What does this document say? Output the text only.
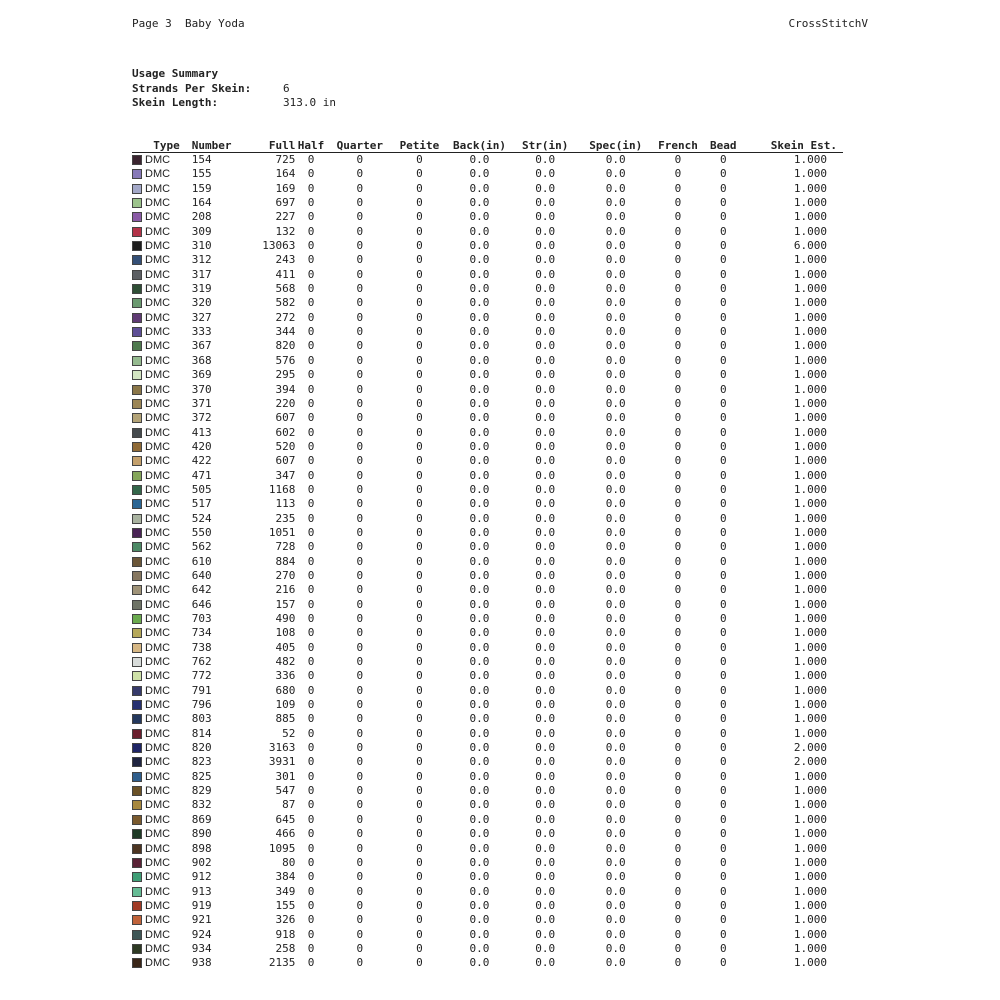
Page 3  Baby Yoda	CrossStitchV
Usage Summary
Strands Per Skein:	6
Skein Length:	313.0 in
Type	Number	Full	Half	Quarter	Petite	Back(in)	Str(in)	Spec(in)	French	Bead	Skein Est.
DMC	154	725	0	0	0	0.0	0.0	0.0	0	0	1.000
DMC	155	164	0	0	0	0.0	0.0	0.0	0	0	1.000
DMC	159	169	0	0	0	0.0	0.0	0.0	0	0	1.000
DMC	164	697	0	0	0	0.0	0.0	0.0	0	0	1.000
DMC	208	227	0	0	0	0.0	0.0	0.0	0	0	1.000
DMC	309	132	0	0	0	0.0	0.0	0.0	0	0	1.000
DMC	310	13063	0	0	0	0.0	0.0	0.0	0	0	6.000
DMC	312	243	0	0	0	0.0	0.0	0.0	0	0	1.000
DMC	317	411	0	0	0	0.0	0.0	0.0	0	0	1.000
DMC	319	568	0	0	0	0.0	0.0	0.0	0	0	1.000
DMC	320	582	0	0	0	0.0	0.0	0.0	0	0	1.000
DMC	327	272	0	0	0	0.0	0.0	0.0	0	0	1.000
DMC	333	344	0	0	0	0.0	0.0	0.0	0	0	1.000
DMC	367	820	0	0	0	0.0	0.0	0.0	0	0	1.000
DMC	368	576	0	0	0	0.0	0.0	0.0	0	0	1.000
DMC	369	295	0	0	0	0.0	0.0	0.0	0	0	1.000
DMC	370	394	0	0	0	0.0	0.0	0.0	0	0	1.000
DMC	371	220	0	0	0	0.0	0.0	0.0	0	0	1.000
DMC	372	607	0	0	0	0.0	0.0	0.0	0	0	1.000
DMC	413	602	0	0	0	0.0	0.0	0.0	0	0	1.000
DMC	420	520	0	0	0	0.0	0.0	0.0	0	0	1.000
DMC	422	607	0	0	0	0.0	0.0	0.0	0	0	1.000
DMC	471	347	0	0	0	0.0	0.0	0.0	0	0	1.000
DMC	505	1168	0	0	0	0.0	0.0	0.0	0	0	1.000
DMC	517	113	0	0	0	0.0	0.0	0.0	0	0	1.000
DMC	524	235	0	0	0	0.0	0.0	0.0	0	0	1.000
DMC	550	1051	0	0	0	0.0	0.0	0.0	0	0	1.000
DMC	562	728	0	0	0	0.0	0.0	0.0	0	0	1.000
DMC	610	884	0	0	0	0.0	0.0	0.0	0	0	1.000
DMC	640	270	0	0	0	0.0	0.0	0.0	0	0	1.000
DMC	642	216	0	0	0	0.0	0.0	0.0	0	0	1.000
DMC	646	157	0	0	0	0.0	0.0	0.0	0	0	1.000
DMC	703	490	0	0	0	0.0	0.0	0.0	0	0	1.000
DMC	734	108	0	0	0	0.0	0.0	0.0	0	0	1.000
DMC	738	405	0	0	0	0.0	0.0	0.0	0	0	1.000
DMC	762	482	0	0	0	0.0	0.0	0.0	0	0	1.000
DMC	772	336	0	0	0	0.0	0.0	0.0	0	0	1.000
DMC	791	680	0	0	0	0.0	0.0	0.0	0	0	1.000
DMC	796	109	0	0	0	0.0	0.0	0.0	0	0	1.000
DMC	803	885	0	0	0	0.0	0.0	0.0	0	0	1.000
DMC	814	52	0	0	0	0.0	0.0	0.0	0	0	1.000
DMC	820	3163	0	0	0	0.0	0.0	0.0	0	0	2.000
DMC	823	3931	0	0	0	0.0	0.0	0.0	0	0	2.000
DMC	825	301	0	0	0	0.0	0.0	0.0	0	0	1.000
DMC	829	547	0	0	0	0.0	0.0	0.0	0	0	1.000
DMC	832	87	0	0	0	0.0	0.0	0.0	0	0	1.000
DMC	869	645	0	0	0	0.0	0.0	0.0	0	0	1.000
DMC	890	466	0	0	0	0.0	0.0	0.0	0	0	1.000
DMC	898	1095	0	0	0	0.0	0.0	0.0	0	0	1.000
DMC	902	80	0	0	0	0.0	0.0	0.0	0	0	1.000
DMC	912	384	0	0	0	0.0	0.0	0.0	0	0	1.000
DMC	913	349	0	0	0	0.0	0.0	0.0	0	0	1.000
DMC	919	155	0	0	0	0.0	0.0	0.0	0	0	1.000
DMC	921	326	0	0	0	0.0	0.0	0.0	0	0	1.000
DMC	924	918	0	0	0	0.0	0.0	0.0	0	0	1.000
DMC	934	258	0	0	0	0.0	0.0	0.0	0	0	1.000
DMC	938	2135	0	0	0	0.0	0.0	0.0	0	0	1.000
